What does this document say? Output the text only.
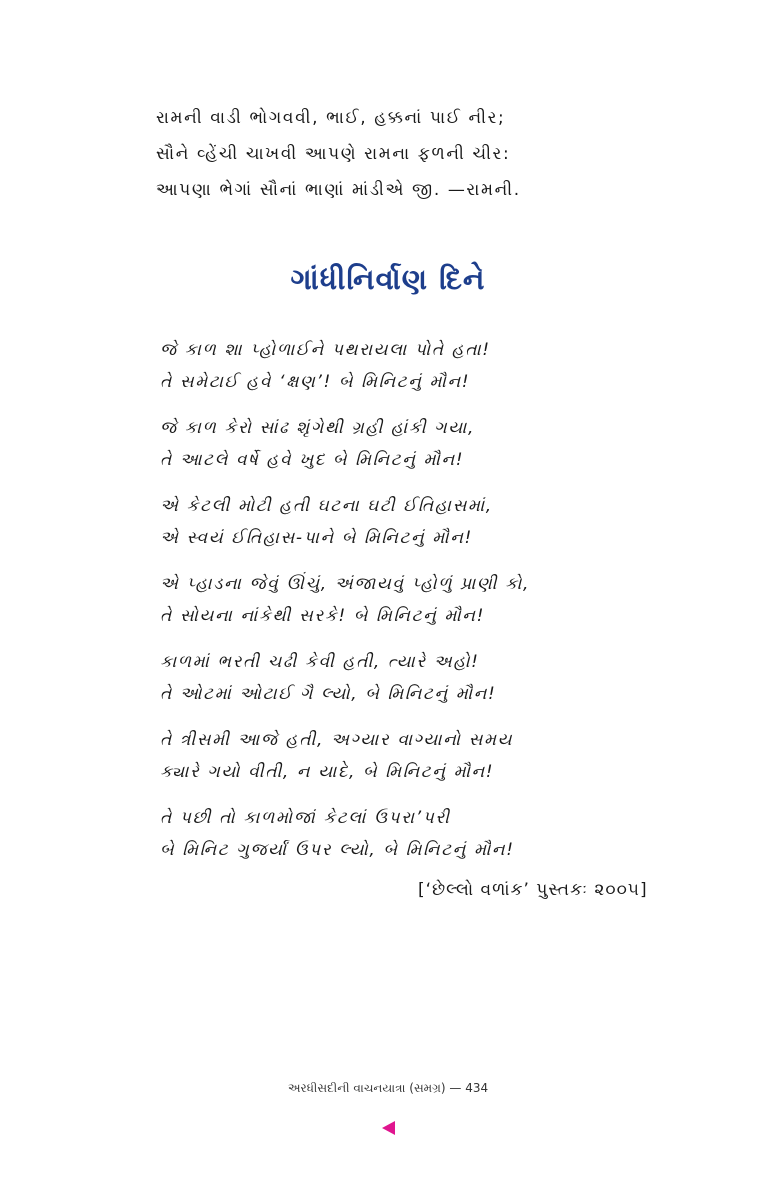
રામની વાડી ભોગવવી, ભાઈ, હક્કનાં પાઈ નીર;
સૌને વ્હેંચી ચાખવી આપણે રામના ફળની ચીર:
આપણા ભેગાં સૌનાં ભાણાં માંડીએ જી. —રામની.
ગાંધીનિર્વાણ દિને
જે કાળ શા પ્હોળાઈને પથરાયલા પોતે હતા!
તે સમેટાઈ હવે ‘ક્ષણ’! બે મિનિટનું મૌન!
જે કાળ કેરો સાંઢ શૃંગેથી ગ્રહી હાંકી ગયા,
તે આટલે વર્ષે હવે ખુદ બે મિનિટનું મૌન!
એ કેટલી મોટી હતી ઘટના ઘટી ઈતિહાસમાં,
એ સ્વયં ઈતિહાસ-પાને બે મિનિટનું મૌન!
એ પ્હાડના જેવું ઊંચું, અંજાયવું પ્હોળું પ્રાણી કો,
તે સોયના નાંકેથી સરકે! બે મિનિટનું મૌન!
કાળમાં ભરતી ચઢી કેવી હતી, ત્યારે અહો!
તે ઓટમાં ઓટાઈ ગૈ લ્યો, બે મિનિટનું મૌન!
તે ત્રીસમી આજે હતી, અગ્યાર વાગ્યાનો સમય
ક્યારે ગયો વીતી, ન યાદે, બે મિનિટનું મૌન!
તે પછી તો કાળમોજાં કેટલાં ઉપરા’પરી
બે મિનિટ ગુજર્યાં ઉપર લ્યો, બે મિનિટનું મૌન!
[‘છેલ્લો વળાંક’ પુસ્તકઃ ૨૦૦૫]
અરધીસદીની વાચનયાત્રા (સમગ્ર) — 434
